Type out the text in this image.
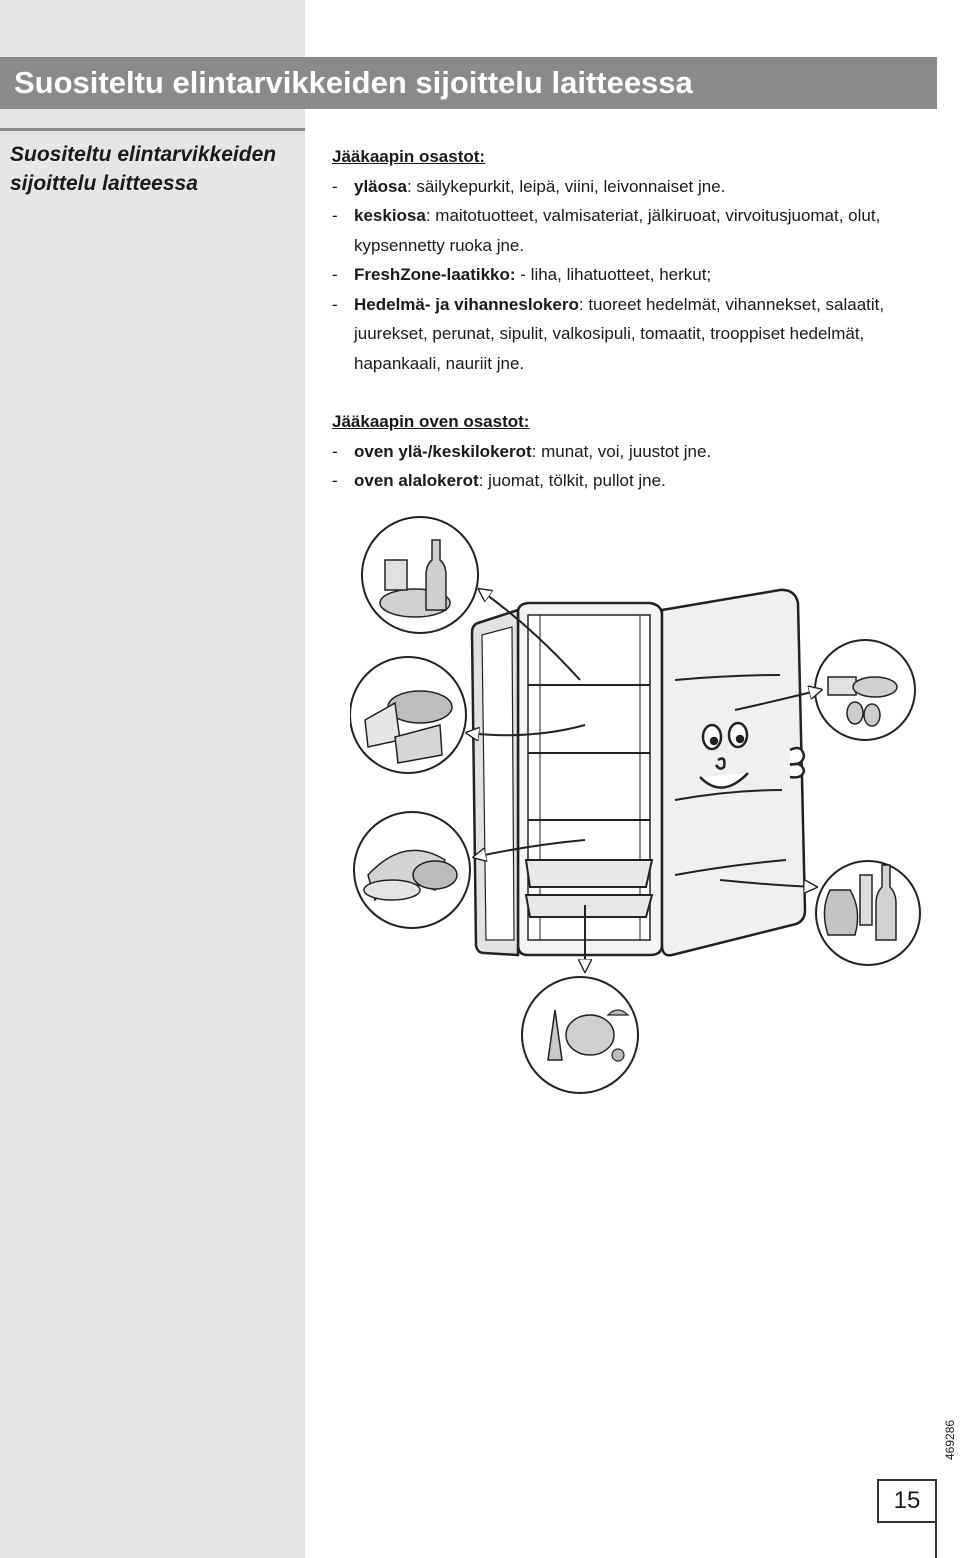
Suositeltu elintarvikkeiden sijoittelu laitteessa
Suositeltu elintarvikkeiden sijoittelu laitteessa

Jääkaapin osastot:

- yläosa: säilykepurkit, leipä, viini, leivonnaiset jne.
- keskiosa: maitotuotteet, valmisateriat, jälkiruoat, virvoitusjuomat, olut, kypsennetty ruoka jne.
- FreshZone-laatikko: - liha, lihatuotteet, herkut;
- Hedelmä- ja vihanneslokero: tuoreet hedelmät, vihannekset, salaatit, juurekset, perunat, sipulit, valkosipuli, tomaatit, trooppiset hedelmät, hapankaali, nauriit jne.

Jääkaapin oven osastot:

- oven ylä-/keskilokerot: munat, voi, juustot jne.
- oven alalokerot: juomat, tölkit, pullot jne.
469286
15
